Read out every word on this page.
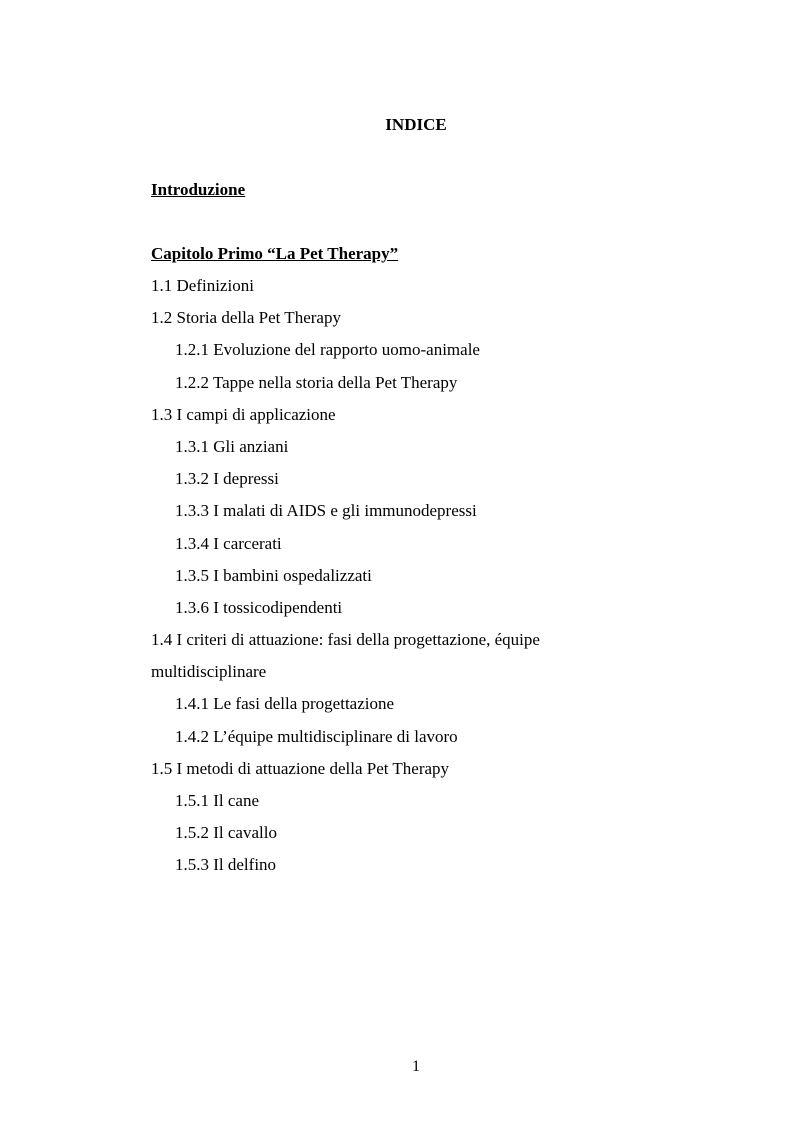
INDICE
Introduzione
Capitolo Primo “La Pet Therapy”
1.1 Definizioni
1.2 Storia della Pet Therapy
1.2.1 Evoluzione del rapporto uomo-animale
1.2.2 Tappe nella storia della Pet Therapy
1.3 I campi di applicazione
1.3.1 Gli anziani
1.3.2 I depressi
1.3.3 I malati di AIDS e gli immunodepressi
1.3.4 I carcerati
1.3.5 I bambini ospedalizzati
1.3.6 I tossicodipendenti
1.4 I criteri di attuazione: fasi della progettazione, équipe
multidisciplinare
1.4.1 Le fasi della progettazione
1.4.2 L’équipe multidisciplinare di lavoro
1.5 I metodi di attuazione della Pet Therapy
1.5.1 Il cane
1.5.2 Il cavallo
1.5.3 Il delfino
1
